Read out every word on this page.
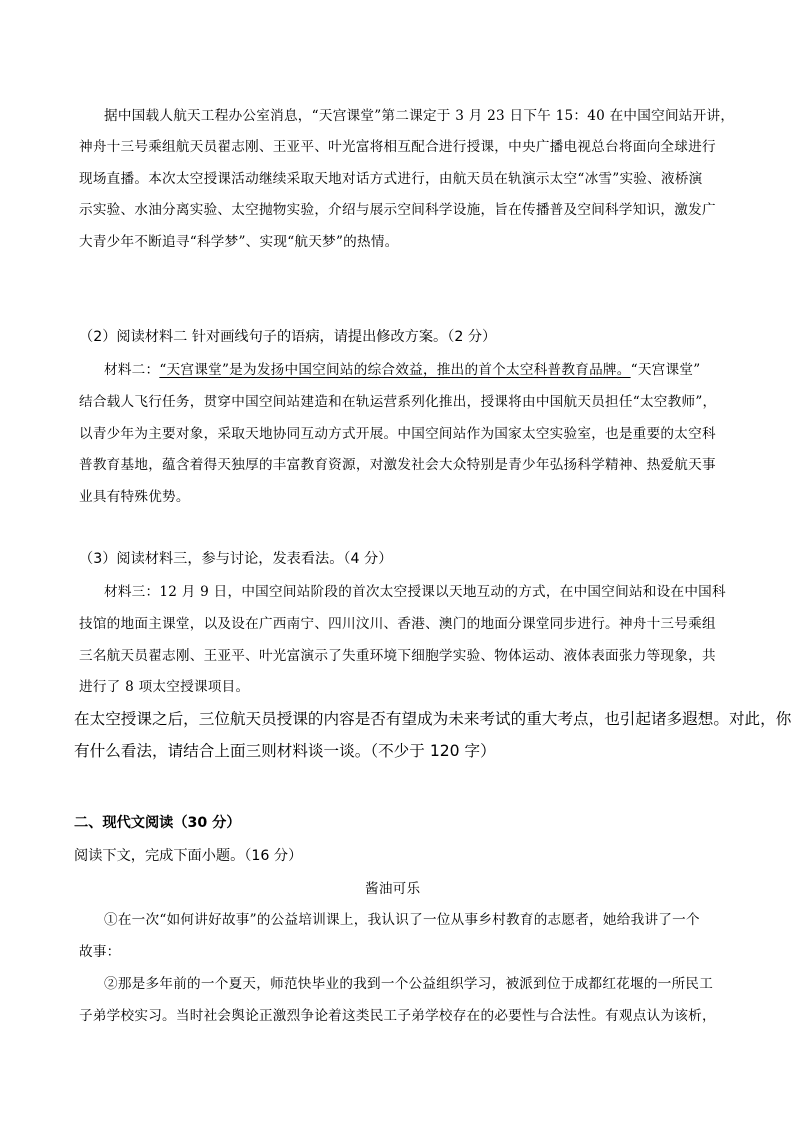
据中国载人航天工程办公室消息，“天宫课堂”第二课定于 3 月 23 日下午 15：40 在中国空间站开讲，
神舟十三号乘组航天员翟志刚、王亚平、叶光富将相互配合进行授课，中央广播电视总台将面向全球进行
现场直播。本次太空授课活动继续采取天地对话方式进行，由航天员在轨演示太空“冰雪”实验、液桥演
示实验、水油分离实验、太空抛物实验，介绍与展示空间科学设施，旨在传播普及空间科学知识，激发广
大青少年不断追寻“科学梦”、实现“航天梦”的热情。
（2）阅读材料二 针对画线句子的语病，请提出修改方案。（2 分）
材料二：“天宫课堂”是为发扬中国空间站的综合效益，推出的首个太空科普教育品牌。“天宫课堂”
结合载人飞行任务，贯穿中国空间站建造和在轨运营系列化推出，授课将由中国航天员担任“太空教师”，
以青少年为主要对象，采取天地协同互动方式开展。中国空间站作为国家太空实验室，也是重要的太空科
普教育基地，蕴含着得天独厚的丰富教育资源，对激发社会大众特别是青少年弘扬科学精神、热爱航天事
业具有特殊优势。
（3）阅读材料三，参与讨论，发表看法。（4 分）
材料三：12 月 9 日，中国空间站阶段的首次太空授课以天地互动的方式，在中国空间站和设在中国科
技馆的地面主课堂，以及设在广西南宁、四川汶川、香港、澳门的地面分课堂同步进行。神舟十三号乘组
三名航天员翟志刚、王亚平、叶光富演示了失重环境下细胞学实验、物体运动、液体表面张力等现象，共
进行了 8 项太空授课项目。
在太空授课之后，三位航天员授课的内容是否有望成为未来考试的重大考点，也引起诸多遐想。对此，你
有什么看法，请结合上面三则材料谈一谈。（不少于 120 字）
二、现代文阅读（30 分）
阅读下文，完成下面小题。（16 分）
酱油可乐
①在一次“如何讲好故事”的公益培训课上，我认识了一位从事乡村教育的志愿者，她给我讲了一个
故事：
②那是多年前的一个夏天，师范快毕业的我到一个公益组织学习，被派到位于成都红花堰的一所民工
子弟学校实习。当时社会舆论正激烈争论着这类民工子弟学校存在的必要性与合法性。有观点认为该析，
